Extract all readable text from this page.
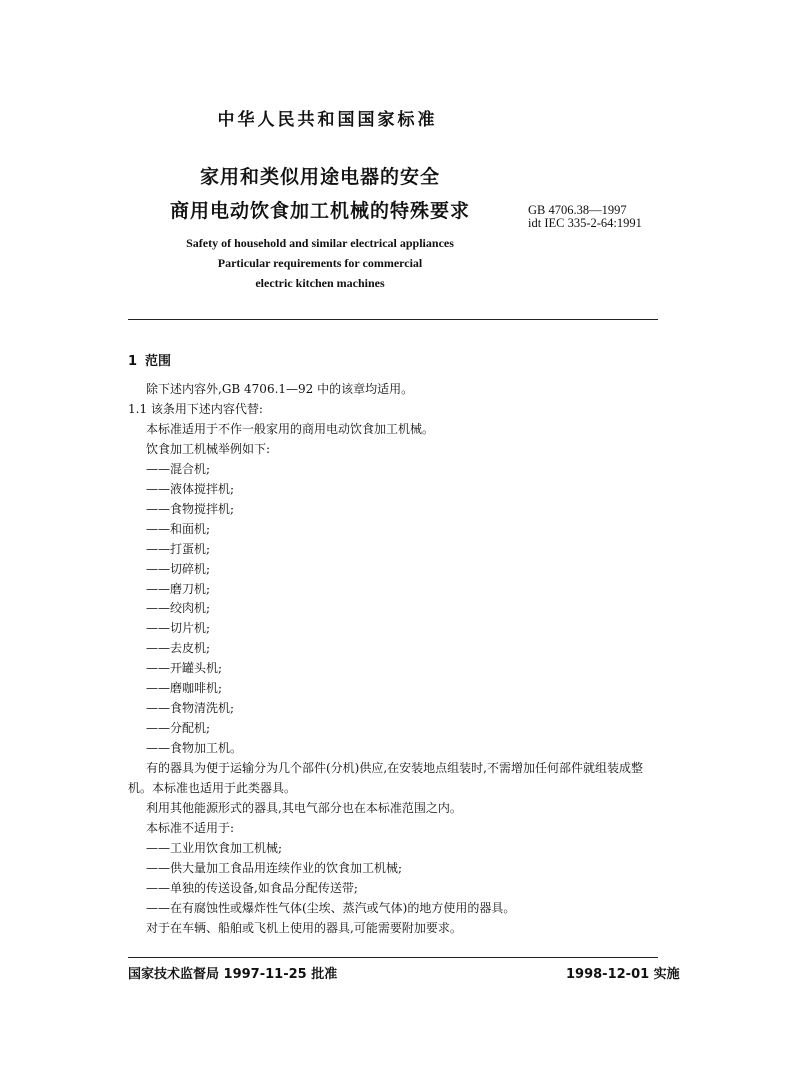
中华人民共和国国家标准
家用和类似用途电器的安全
商用电动饮食加工机械的特殊要求	GB 4706.38—1997
idt IEC 335-2-64:1991
Safety of household and similar electrical appliances
Particular requirements for commercial
electric kitchen machines
1 范围
除下述内容外,GB 4706.1—92 中的该章均适用。
1.1 该条用下述内容代替:
本标准适用于不作一般家用的商用电动饮食加工机械。
饮食加工机械举例如下:
——混合机;
——液体搅拌机;
——食物搅拌机;
——和面机;
——打蛋机;
——切碎机;
——磨刀机;
——绞肉机;
——切片机;
——去皮机;
——开罐头机;
——磨咖啡机;
——食物清洗机;
——分配机;
——食物加工机。
有的器具为便于运输分为几个部件(分机)供应,在安装地点组装时,不需增加任何部件就组装成整
机。本标准也适用于此类器具。
利用其他能源形式的器具,其电气部分也在本标准范围之内。
本标准不适用于:
——工业用饮食加工机械;
——供大量加工食品用连续作业的饮食加工机械;
——单独的传送设备,如食品分配传送带;
——在有腐蚀性或爆炸性气体(尘埃、蒸汽或气体)的地方使用的器具。
对于在车辆、船舶或飞机上使用的器具,可能需要附加要求。
国家技术监督局 1997-11-25 批准	1998-12-01 实施
